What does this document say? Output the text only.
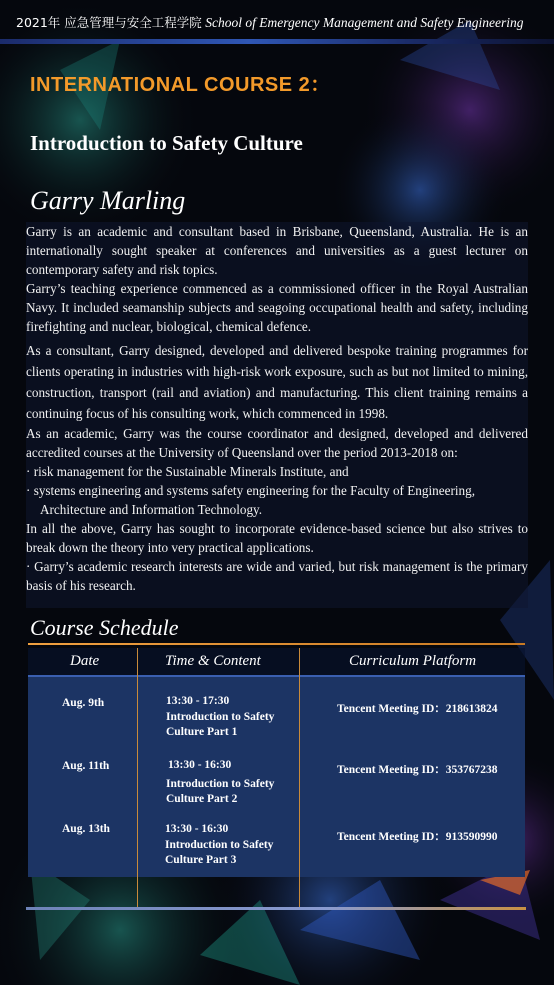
2021年 应急管理与安全工程学院 School of Emergency Management and Safety Engineering
INTERNATIONAL COURSE 2：
Introduction to Safety Culture
Garry Marling

Garry is an academic and consultant based in Brisbane, Queensland, Australia. He is an internationally sought speaker at conferences and universities as a guest lecturer on contemporary safety and risk topics.

Garry’s teaching experience commenced as a commissioned officer in the Royal Australian Navy. It included seamanship subjects and seagoing occupational health and safety, including firefighting and nuclear, biological, chemical defence.

As a consultant, Garry designed, developed and delivered bespoke training programmes for clients operating in industries with high-risk work exposure, such as but not limited to mining, construction, transport (rail and aviation) and manufacturing. This client training remains a continuing focus of his consulting work, which commenced in 1998.

As an academic, Garry was the course coordinator and designed, developed and delivered accredited courses at the University of Queensland over the period 2013-2018 on:

· risk management for the Sustainable Minerals Institute, and

· systems engineering and systems safety engineering for the Faculty of Engineering, Architecture and Information Technology.

In all the above, Garry has sought to incorporate evidence-based science but also strives to break down the theory into very practical applications.

· Garry’s academic research interests are wide and varied, but risk management is the primary basis of his research.

Course Schedule
Date	Time & Content	Curriculum Platform
Aug. 9th	13:30 - 17:30
Introduction to Safety Culture Part 1
Tencent Meeting ID：218613824
Aug. 11th	13:30 - 16:30
Introduction to Safety Culture Part 2
Tencent Meeting ID：353767238
Aug. 13th	13:30 - 16:30
Introduction to Safety Culture Part 3
Tencent Meeting ID：913590990
